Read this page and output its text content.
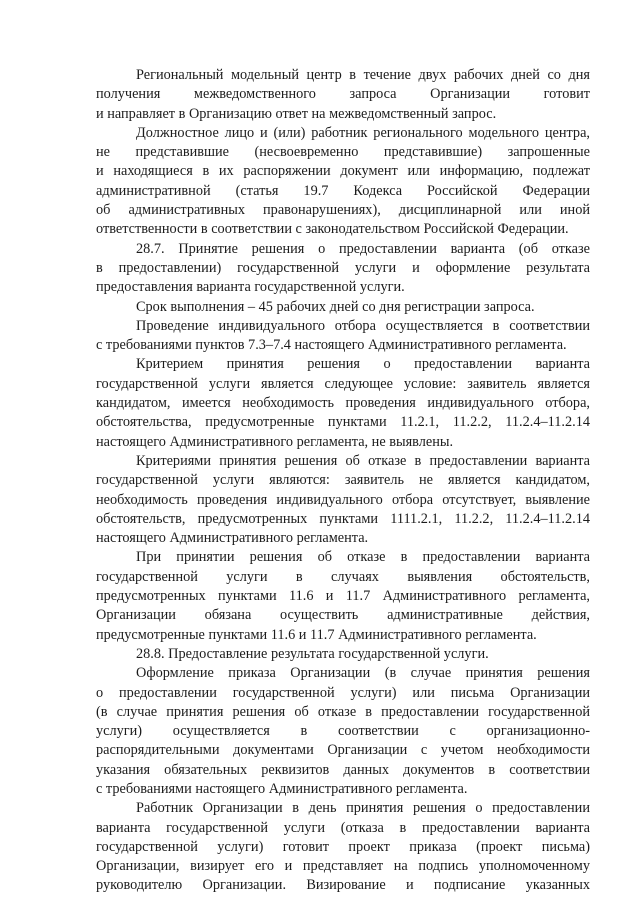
Региональный модельный центр в течение двух рабочих дней со дня
получения межведомственного запроса Организации готовит
и направляет в Организацию ответ на межведомственный запрос.
Должностное лицо и (или) работник регионального модельного центра,
не представившие (несвоевременно представившие) запрошенные
и находящиеся в их распоряжении документ или информацию, подлежат
административной (статья 19.7 Кодекса Российской Федерации
об административных правонарушениях), дисциплинарной или иной
ответственности в соответствии с законодательством Российской Федерации.
28.7. Принятие решения о предоставлении варианта (об отказе
в предоставлении) государственной услуги и оформление результата
предоставления варианта государственной услуги.
Срок выполнения – 45 рабочих дней со дня регистрации запроса.
Проведение индивидуального отбора осуществляется в соответствии
с требованиями пунктов 7.3–7.4 настоящего Административного регламента.
Критерием принятия решения о предоставлении варианта
государственной услуги является следующее условие: заявитель является
кандидатом, имеется необходимость проведения индивидуального отбора,
обстоятельства, предусмотренные пунктами 11.2.1, 11.2.2, 11.2.4–11.2.14
настоящего Административного регламента, не выявлены.
Критериями принятия решения об отказе в предоставлении варианта
государственной услуги являются: заявитель не является кандидатом,
необходимость проведения индивидуального отбора отсутствует, выявление
обстоятельств, предусмотренных пунктами 1111.2.1, 11.2.2, 11.2.4–11.2.14
настоящего Административного регламента.
При принятии решения об отказе в предоставлении варианта
государственной услуги в случаях выявления обстоятельств,
предусмотренных пунктами 11.6 и 11.7 Административного регламента,
Организации обязана осуществить административные действия,
предусмотренные пунктами 11.6 и 11.7 Административного регламента.
28.8. Предоставление результата государственной услуги.
Оформление приказа Организации (в случае принятия решения
о предоставлении государственной услуги) или письма Организации
(в случае принятия решения об отказе в предоставлении государственной
услуги) осуществляется в соответствии с организационно-
распорядительными документами Организации с учетом необходимости
указания обязательных реквизитов данных документов в соответствии
с требованиями настоящего Административного регламента.
Работник Организации в день принятия решения о предоставлении
варианта государственной услуги (отказа в предоставлении варианта
государственной услуги) готовит проект приказа (проект письма)
Организации, визирует его и представляет на подпись уполномоченному
руководителю Организации. Визирование и подписание указанных
